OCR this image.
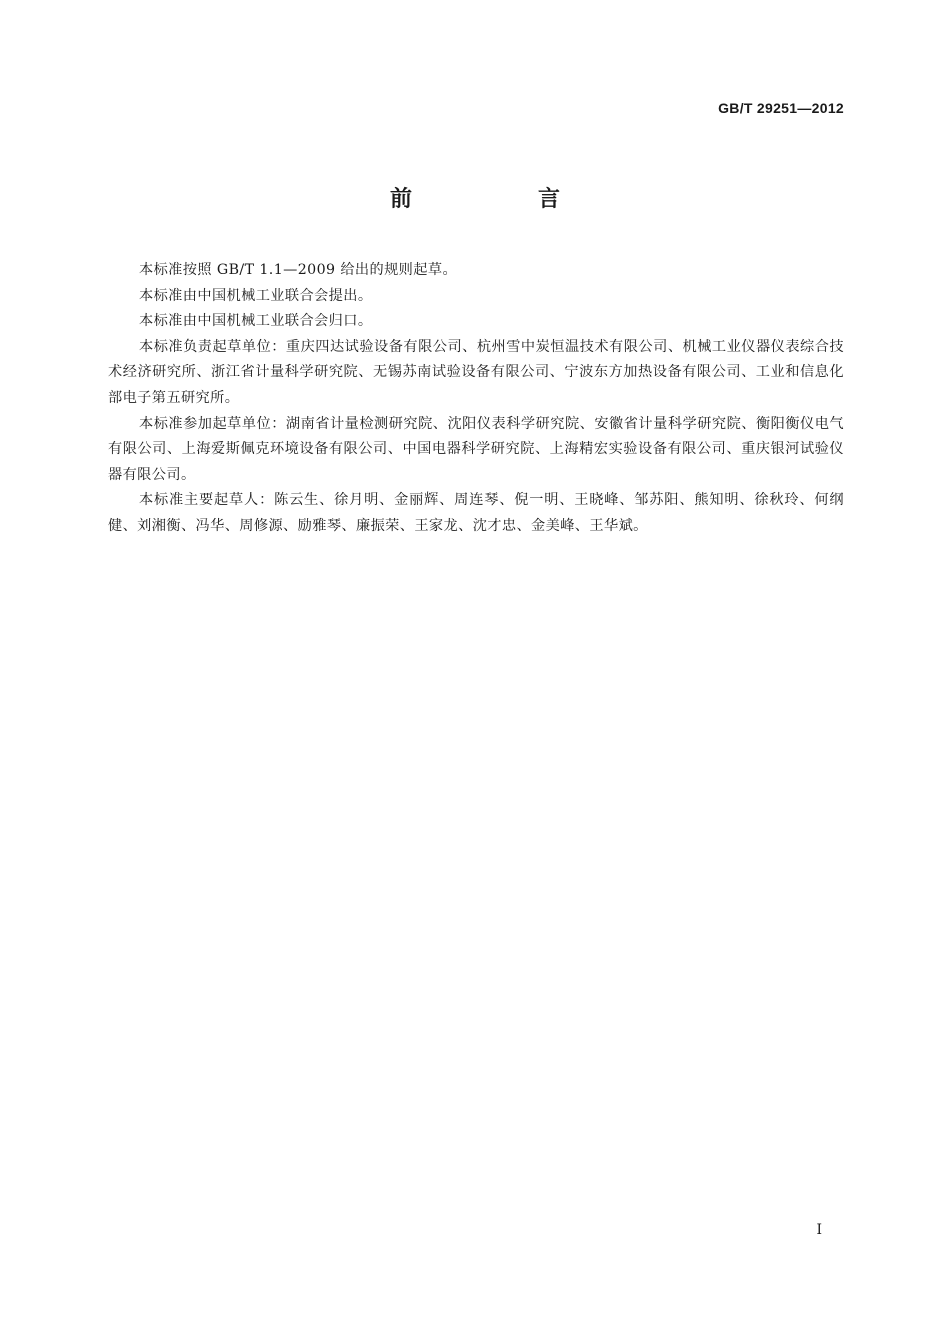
GB/T 29251—2012
前　言

本标准按照 GB/T 1.1—2009 给出的规则起草。

本标准由中国机械工业联合会提出。

本标准由中国机械工业联合会归口。

本标准负责起草单位：重庆四达试验设备有限公司、杭州雪中炭恒温技术有限公司、机械工业仪器仪表综合技术经济研究所、浙江省计量科学研究院、无锡苏南试验设备有限公司、宁波东方加热设备有限公司、工业和信息化部电子第五研究所。

本标准参加起草单位：湖南省计量检测研究院、沈阳仪表科学研究院、安徽省计量科学研究院、衡阳衡仪电气有限公司、上海爱斯佩克环境设备有限公司、中国电器科学研究院、上海精宏实验设备有限公司、重庆银河试验仪器有限公司。

本标准主要起草人：陈云生、徐月明、金丽辉、周连琴、倪一明、王晓峰、邹苏阳、熊知明、徐秋玲、何纲健、刘湘衡、冯华、周修源、励雅琴、廉振荣、王家龙、沈才忠、金美峰、王华斌。

I
